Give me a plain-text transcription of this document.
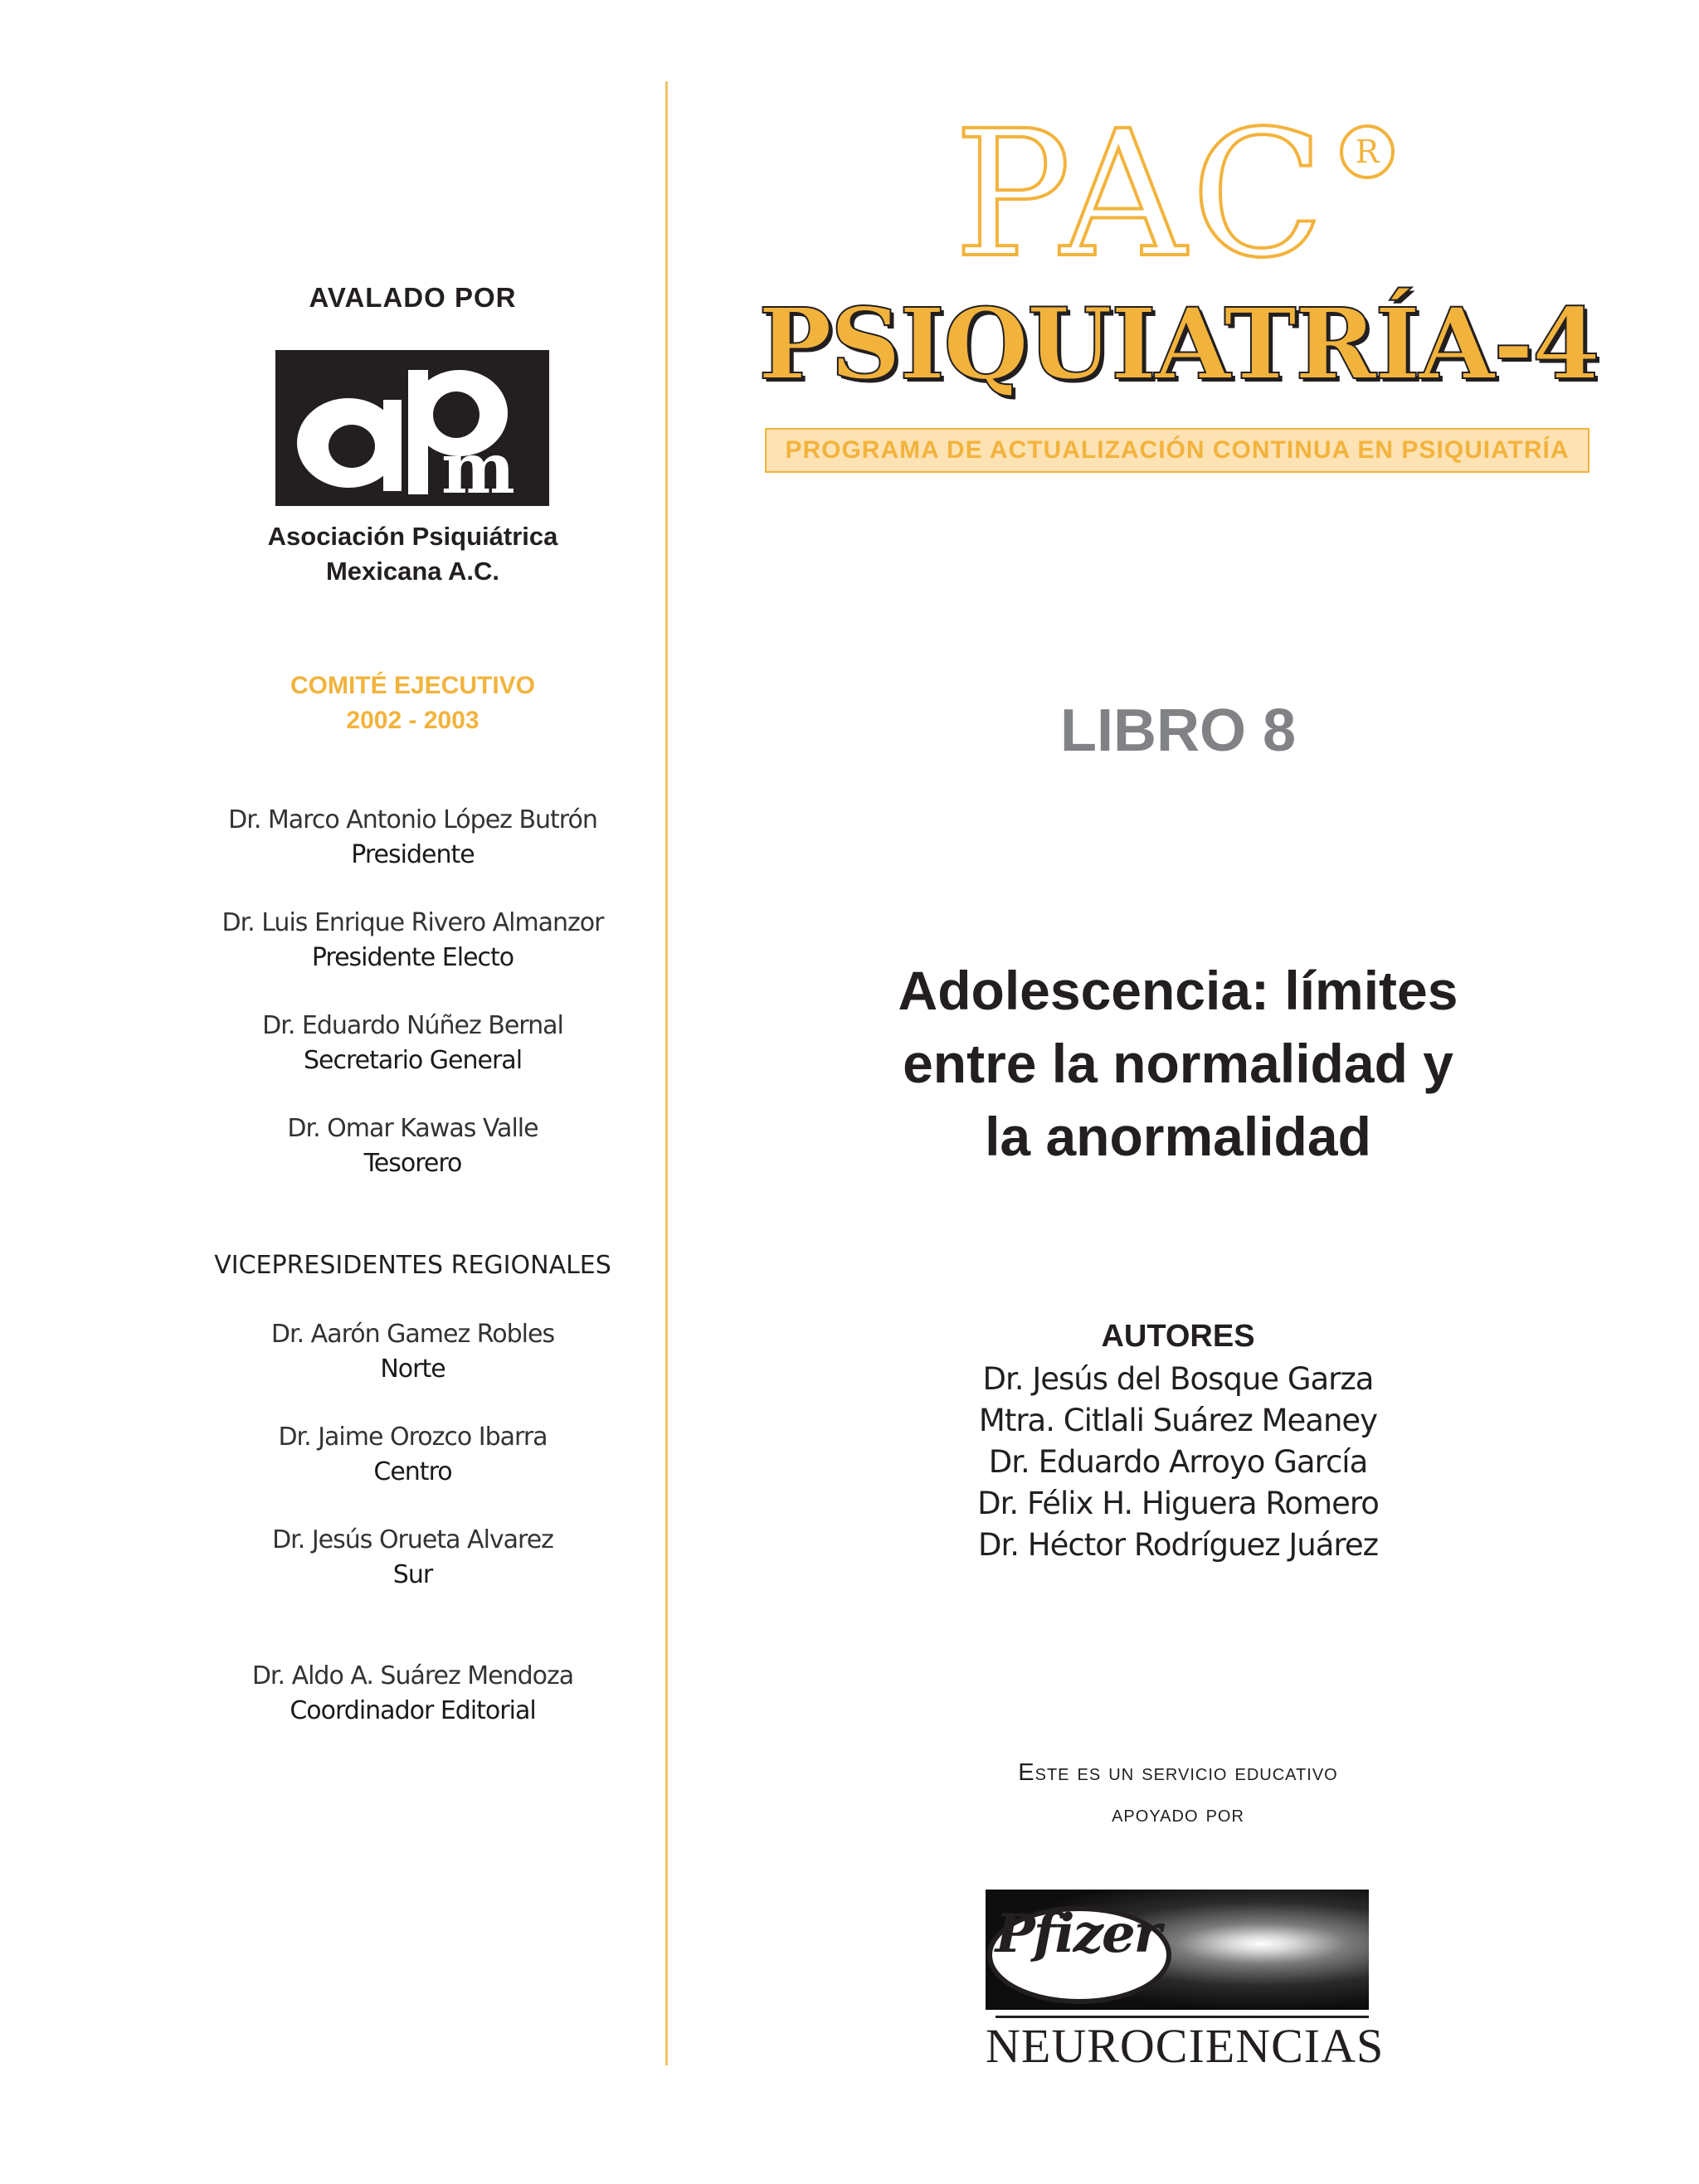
AVALADO POR
m
Asociación Psiquiátrica
Mexicana A.C.
COMITÉ EJECUTIVO
2002 - 2003
Dr. Marco Antonio López Butrón
Presidente
Dr. Luis Enrique Rivero Almanzor
Presidente Electo
Dr. Eduardo Núñez Bernal
Secretario General
Dr. Omar Kawas Valle
Tesorero
VICEPRESIDENTES REGIONALES
Dr. Aarón Gamez Robles
Norte
Dr. Jaime Orozco Ibarra
Centro
Dr. Jesús Orueta Alvarez
Sur
Dr. Aldo A. Suárez Mendoza
Coordinador Editorial
PAC R
PSIQUIATRÍA-4
PROGRAMA DE ACTUALIZACIÓN CONTINUA EN PSIQUIATRÍA
LIBRO 8
Adolescencia: límites
entre la normalidad y
la anormalidad
AUTORES
Dr. Jesús del Bosque Garza
Mtra. Citlali Suárez Meaney
Dr. Eduardo Arroyo García
Dr. Félix H. Higuera Romero
Dr. Héctor Rodríguez Juárez
Este es un servicio educativo
apoyado por
Pfizer
NEUROCIENCIAS
